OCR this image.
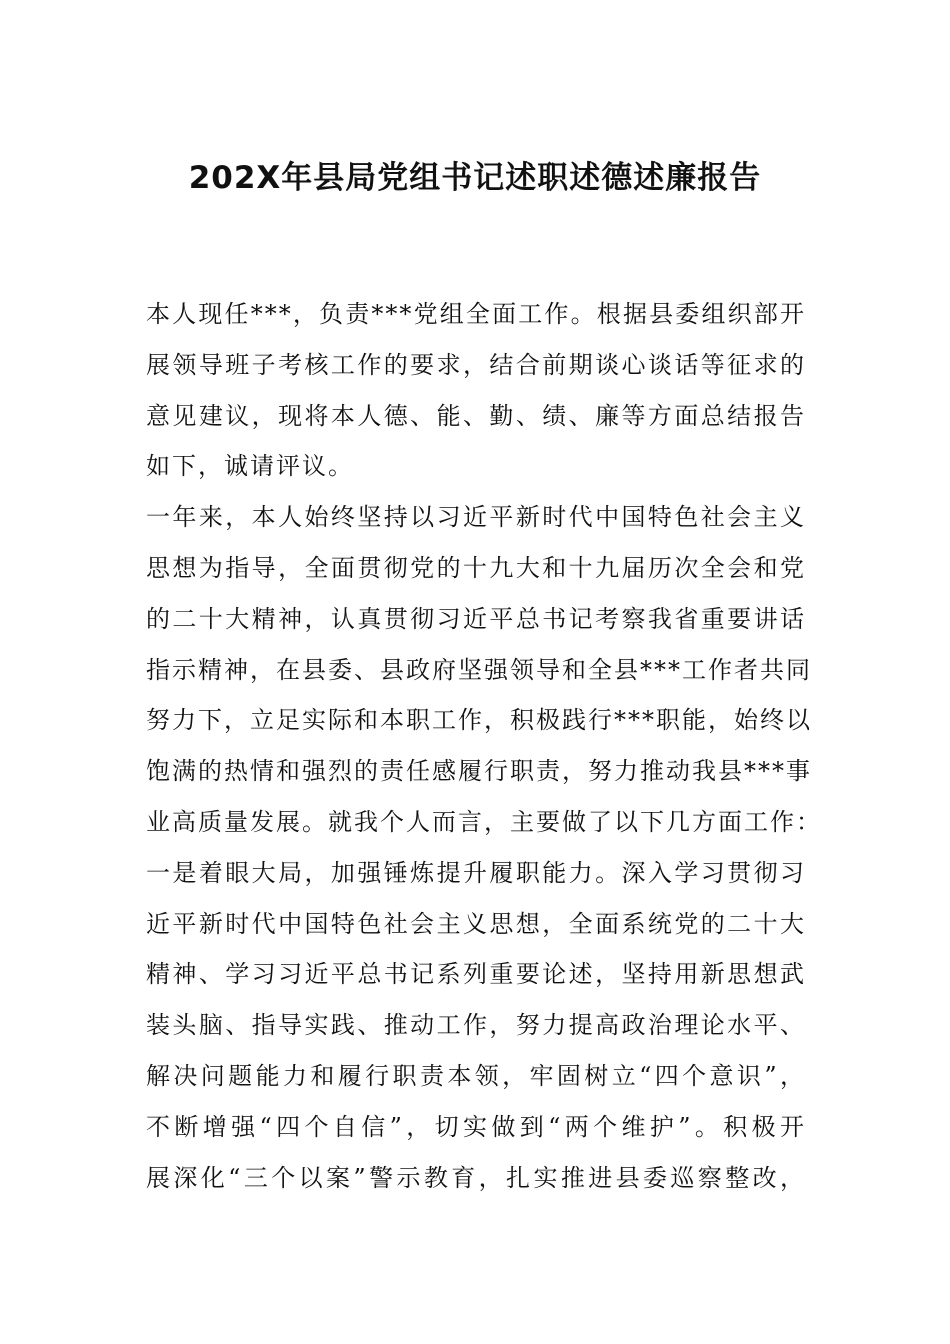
202X年县局党组书记述职述德述廉报告
本人现任***，负责***党组全面工作。根据县委组织部开
展领导班子考核工作的要求，结合前期谈心谈话等征求的
意见建议，现将本人德、能、勤、绩、廉等方面总结报告
如下，诚请评议。
一年来，本人始终坚持以习近平新时代中国特色社会主义
思想为指导，全面贯彻党的十九大和十九届历次全会和党
的二十大精神，认真贯彻习近平总书记考察我省重要讲话
指示精神，在县委、县政府坚强领导和全县***工作者共同
努力下，立足实际和本职工作，积极践行***职能，始终以
饱满的热情和强烈的责任感履行职责，努力推动我县***事
业高质量发展。就我个人而言，主要做了以下几方面工作：
一是着眼大局，加强锤炼提升履职能力。深入学习贯彻习
近平新时代中国特色社会主义思想，全面系统党的二十大
精神、学习习近平总书记系列重要论述，坚持用新思想武
装头脑、指导实践、推动工作，努力提高政治理论水平、
解决问题能力和履行职责本领，牢固树立“四个意识”，
不断增强“四个自信”，切实做到“两个维护”。积极开
展深化“三个以案”警示教育，扎实推进县委巡察整改，
